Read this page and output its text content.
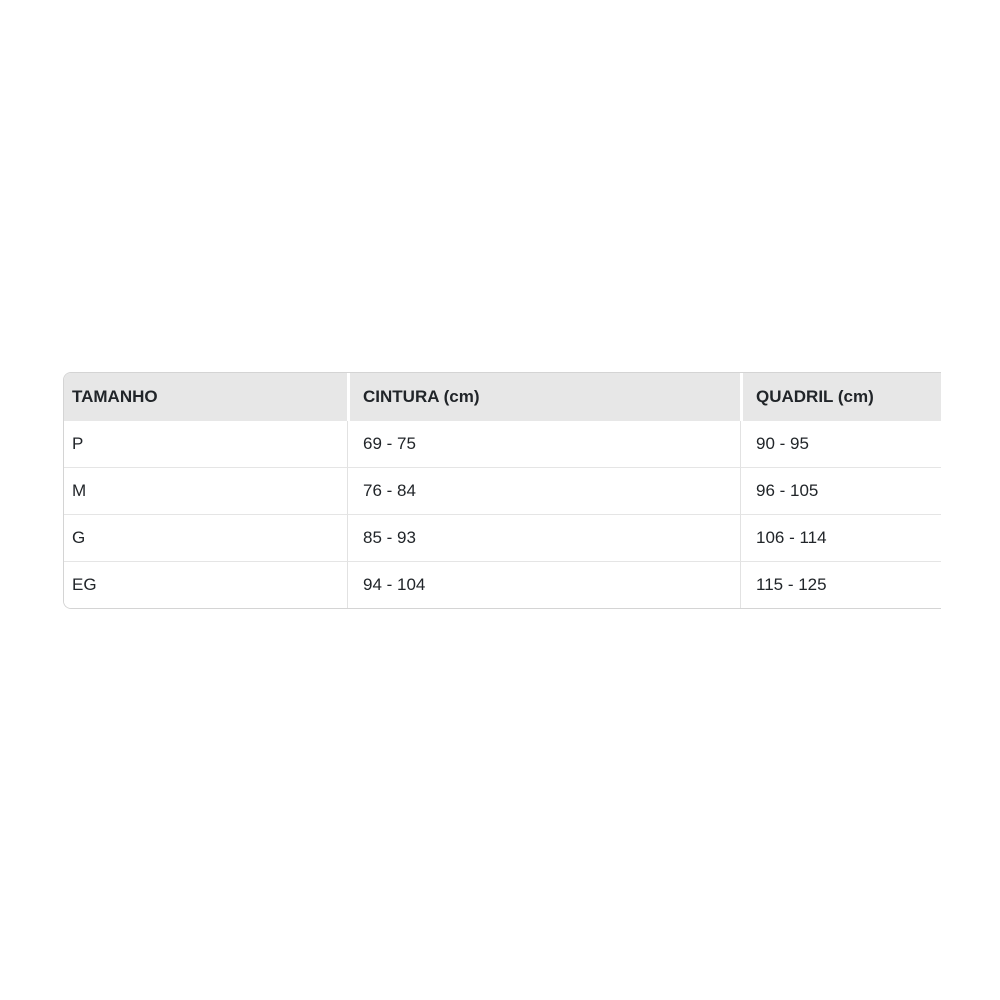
TAMANHO	CINTURA (cm)	QUADRIL (cm)
P	69 - 75	90 - 95
M	76 - 84	96 - 105
G	85 - 93	106 - 114
EG	94 - 104	115 - 125
